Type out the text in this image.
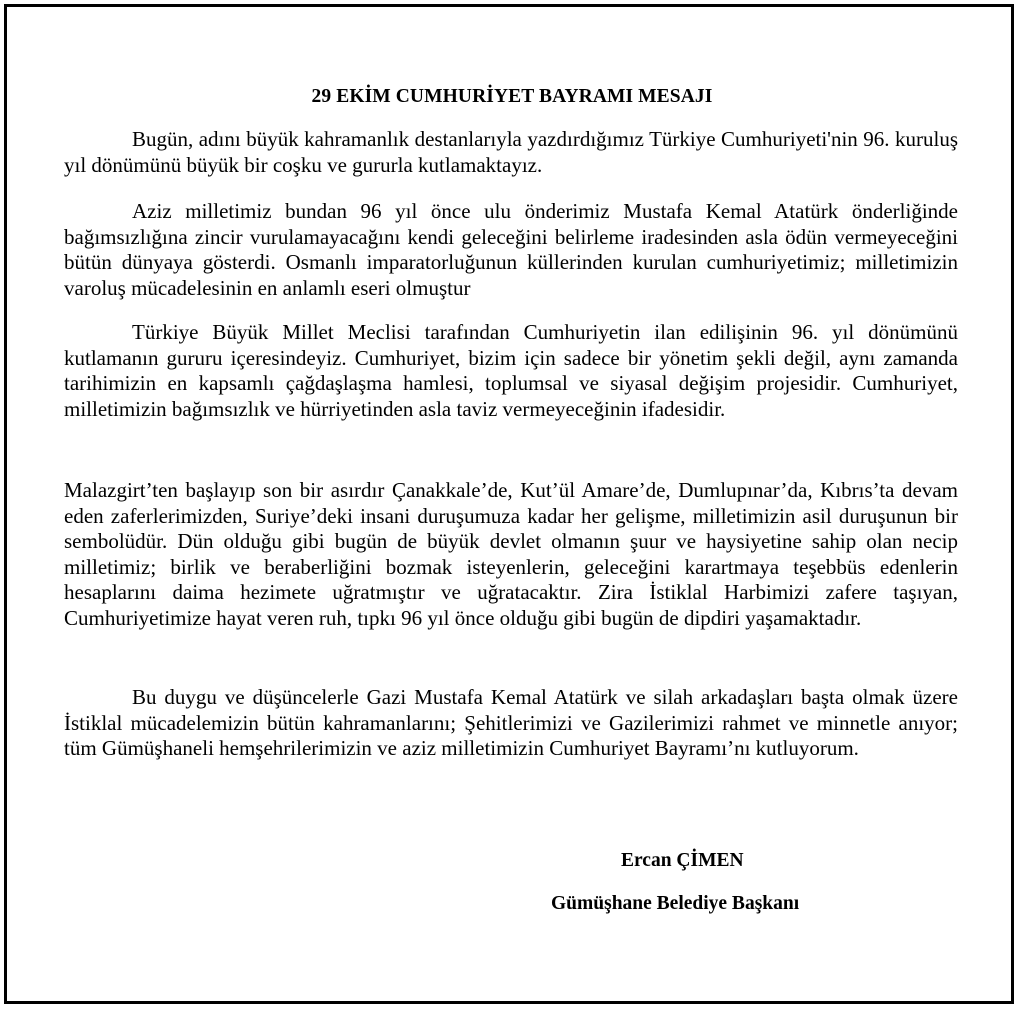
29 EKİM CUMHURİYET BAYRAMI MESAJI

Bugün, adını büyük kahramanlık destanlarıyla yazdırdığımız Türkiye Cumhuriyeti'nin 96. kuruluş yıl dönümünü büyük bir coşku ve gururla kutlamaktayız.

Aziz milletimiz bundan 96 yıl önce ulu önderimiz Mustafa Kemal Atatürk önderliğinde bağımsızlığına zincir vurulamayacağını kendi geleceğini belirleme iradesinden asla ödün vermeyeceğini bütün dünyaya gösterdi. Osmanlı imparatorluğunun küllerinden kurulan cumhuriyetimiz; milletimizin varoluş mücadelesinin en anlamlı eseri olmuştur

Türkiye Büyük Millet Meclisi tarafından Cumhuriyetin ilan edilişinin 96. yıl dönümünü kutlamanın gururu içeresindeyiz. Cumhuriyet, bizim için sadece bir yönetim şekli değil, aynı zamanda tarihimizin en kapsamlı çağdaşlaşma hamlesi, toplumsal ve siyasal değişim projesidir. Cumhuriyet, milletimizin bağımsızlık ve hürriyetinden asla taviz vermeyeceğinin ifadesidir.

Malazgirt’ten başlayıp son bir asırdır Çanakkale’de, Kut’ül Amare’de, Dumlupınar’da, Kıbrıs’ta devam eden zaferlerimizden, Suriye’deki insani duruşumuza kadar her gelişme, milletimizin asil duruşunun bir sembolüdür. Dün olduğu gibi bugün de büyük devlet olmanın şuur ve haysiyetine sahip olan necip milletimiz; birlik ve beraberliğini bozmak isteyenlerin, geleceğini karartmaya teşebbüs edenlerin hesaplarını daima hezimete uğratmıştır ve uğratacaktır. Zira İstiklal Harbimizi zafere taşıyan, Cumhuriyetimize hayat veren ruh, tıpkı 96 yıl önce olduğu gibi bugün de dipdiri yaşamaktadır.

Bu duygu ve düşüncelerle Gazi Mustafa Kemal Atatürk ve silah arkadaşları başta olmak üzere İstiklal mücadelemizin bütün kahramanlarını; Şehitlerimizi ve Gazilerimizi rahmet ve minnetle anıyor; tüm Gümüşhaneli hemşehrilerimizin ve aziz milletimizin Cumhuriyet Bayramı’nı kutluyorum.

Ercan ÇİMEN
Gümüşhane Belediye Başkanı
